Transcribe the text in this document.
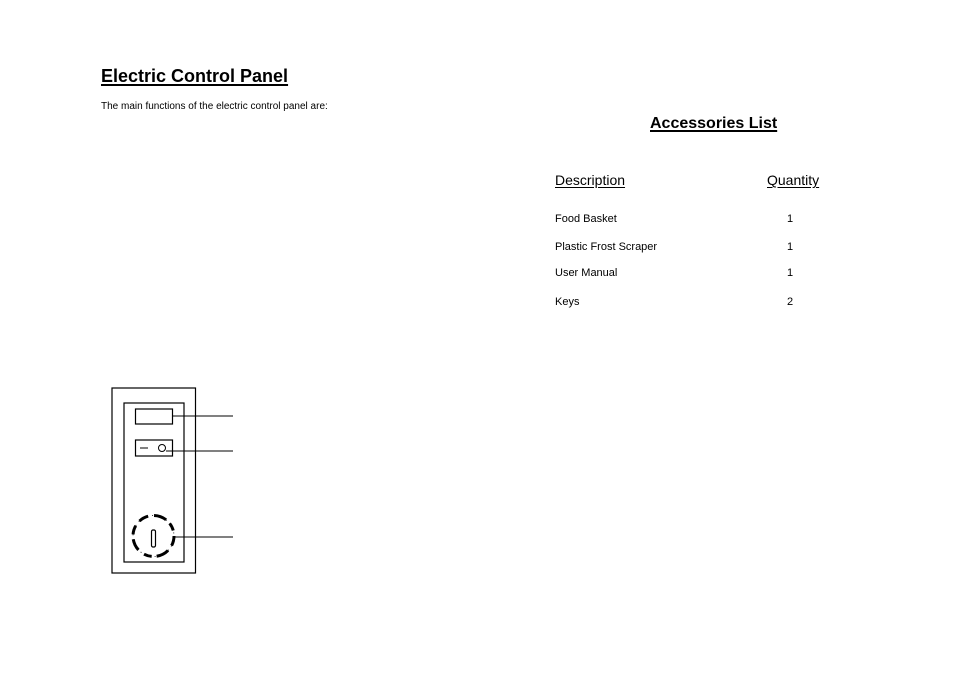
Electric Control Panel
The main functions of the electric control panel are:
Accessories List
Description	Quantity
Food Basket	1
Plastic Frost Scraper	1
User Manual	1
Keys	2
